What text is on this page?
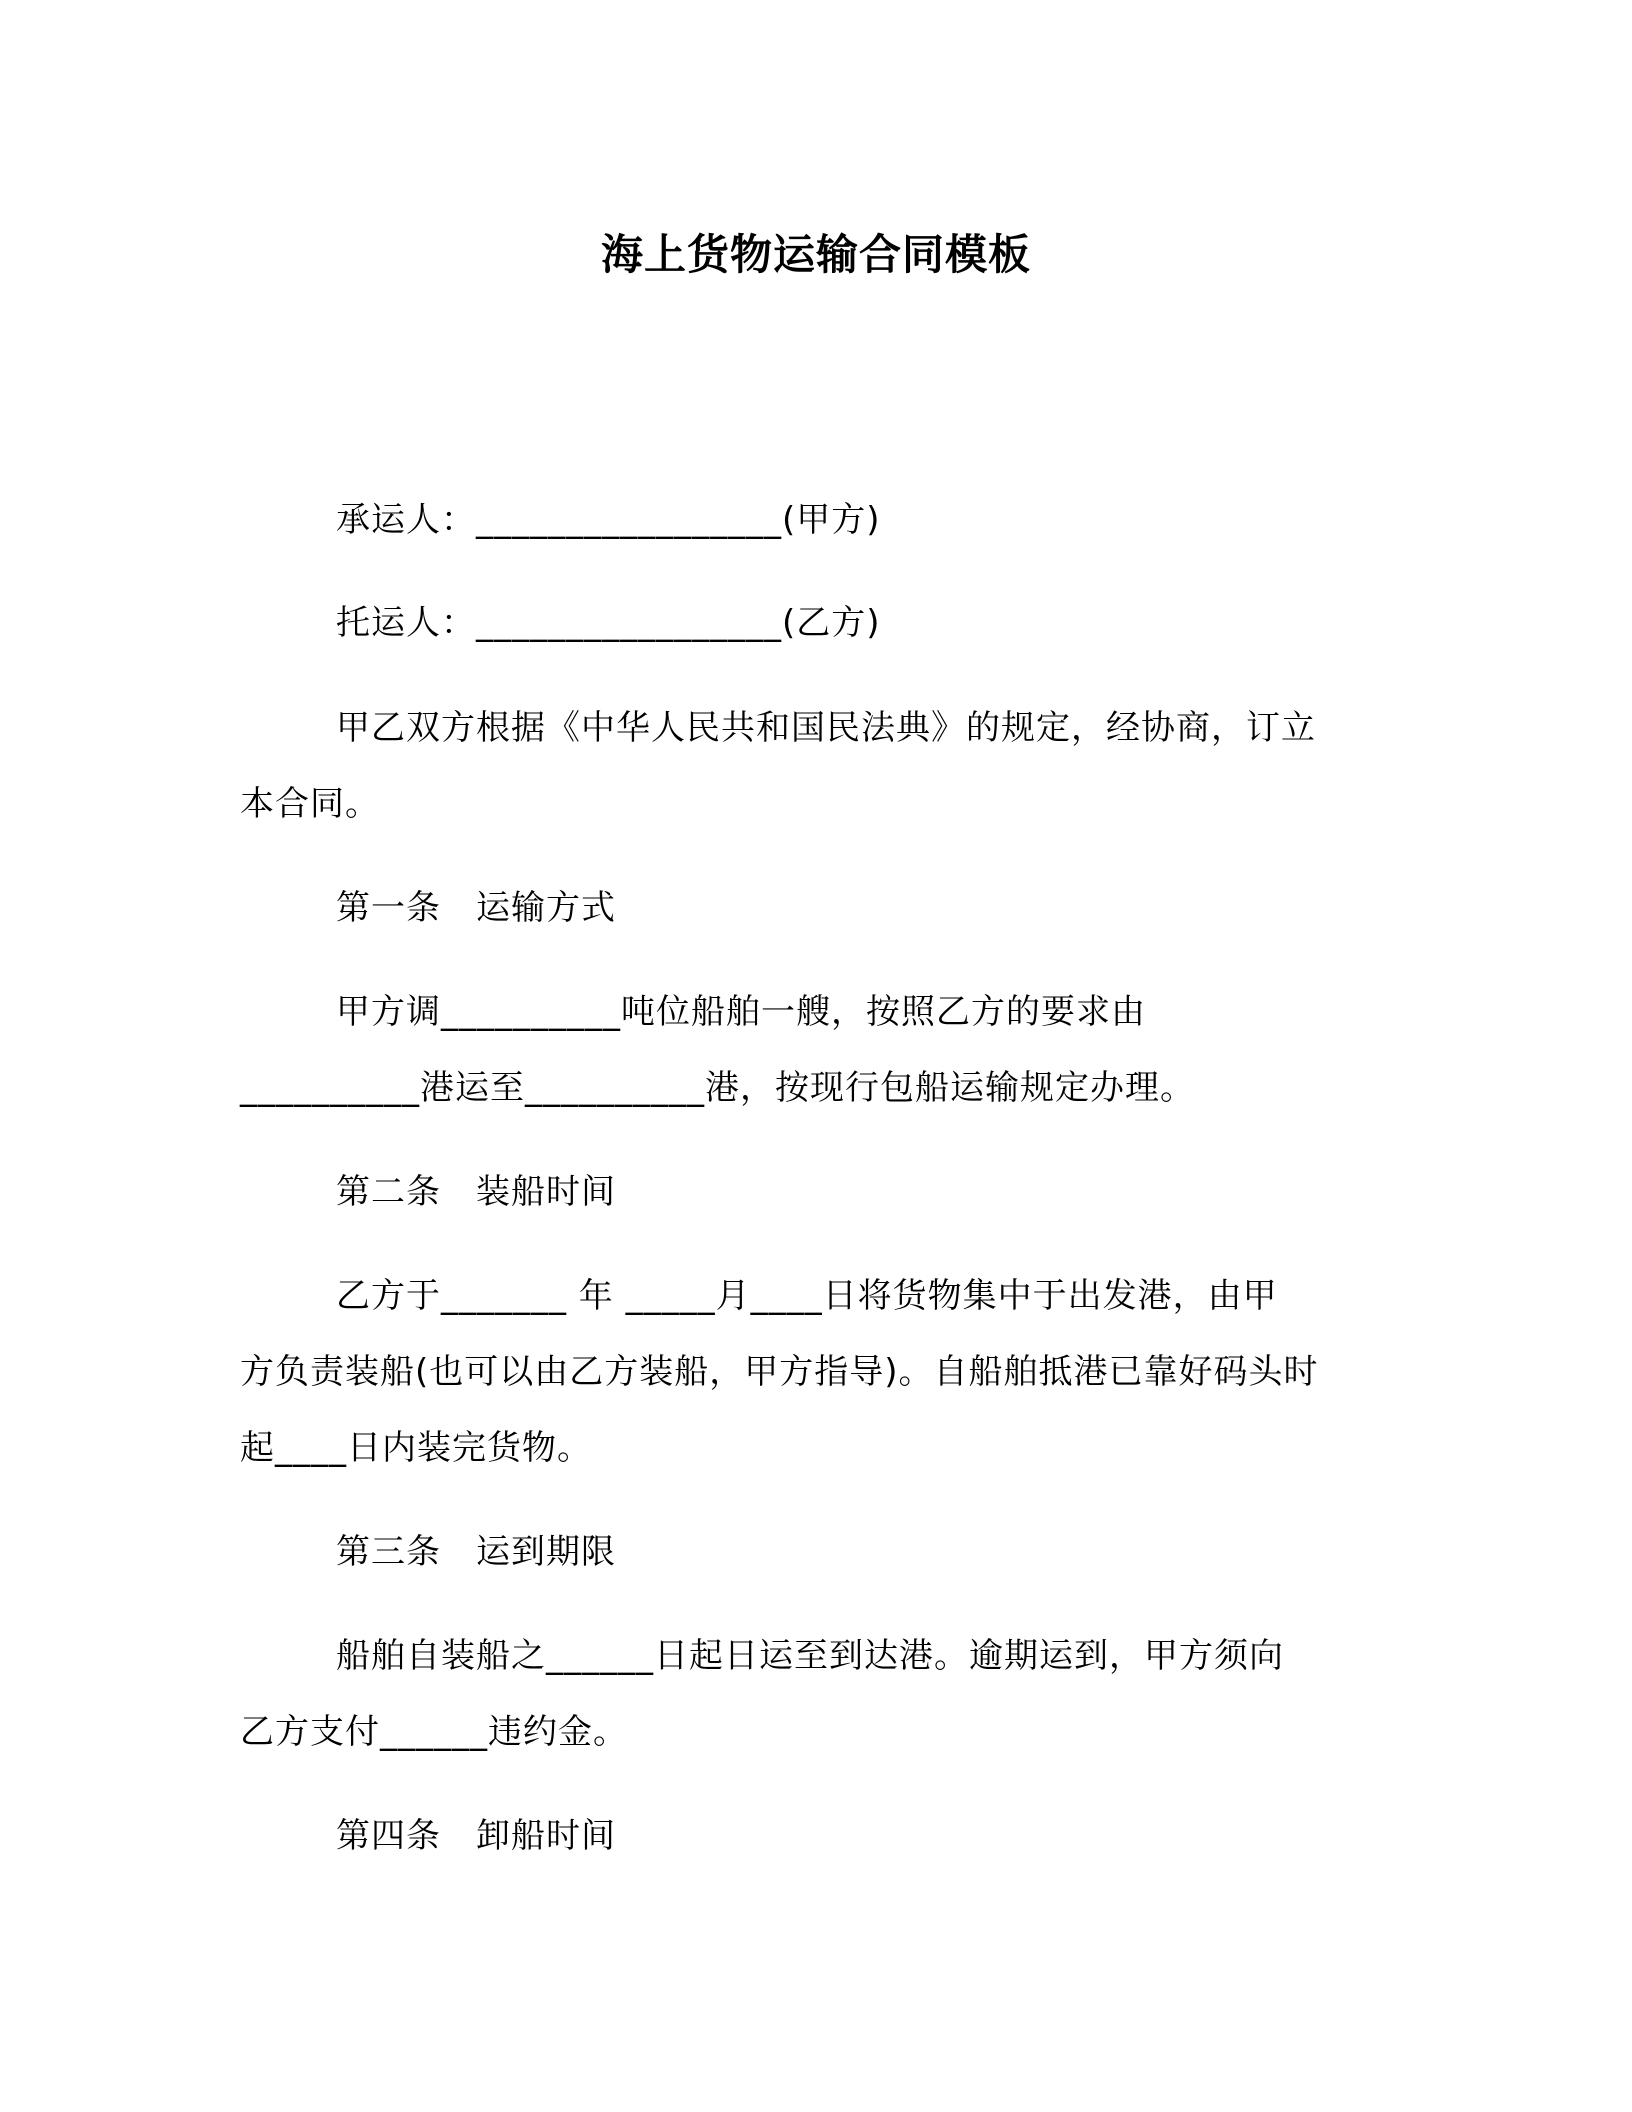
海上货物运输合同模板
承运人：_________________(甲方)
托运人：_________________(乙方)
甲乙双方根据《中华人民共和国民法典》的规定，经协商，订立
本合同。
第一条　运输方式
甲方调__________吨位船舶一艘，按照乙方的要求由
__________港运至__________港，按现行包船运输规定办理。
第二条　装船时间
乙方于_______ 年 _____月____日将货物集中于出发港，由甲
方负责装船(也可以由乙方装船，甲方指导)。自船舶抵港已靠好码头时
起____日内装完货物。
第三条　运到期限
船舶自装船之______日起日运至到达港。逾期运到，甲方须向
乙方支付______违约金。
第四条　卸船时间
